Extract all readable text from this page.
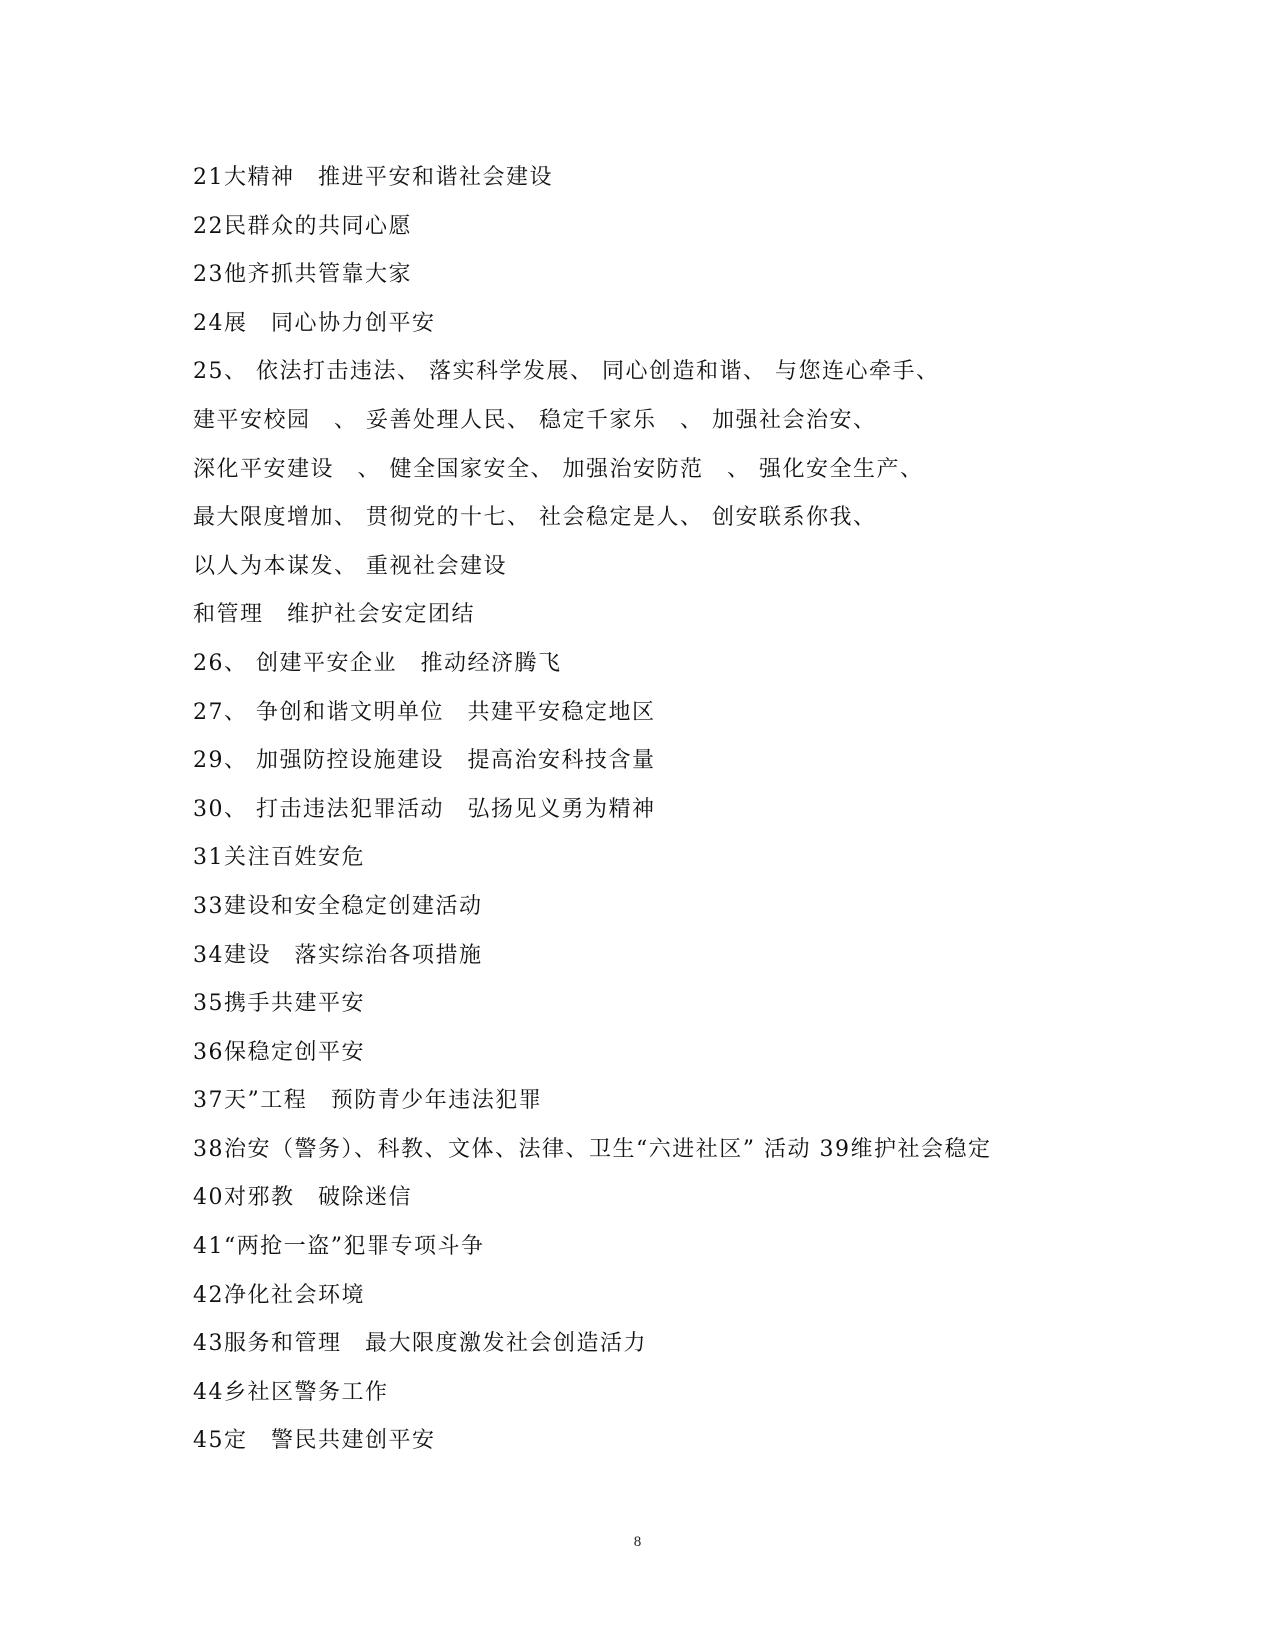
21大精神　推进平安和谐社会建设
22民群众的共同心愿
23他齐抓共管靠大家
24展　同心协力创平安
25、 依法打击违法、 落实科学发展、 同心创造和谐、 与您连心牵手、
建平安校园　、 妥善处理人民、 稳定千家乐　、 加强社会治安、
深化平安建设　、 健全国家安全、 加强治安防范　、 强化安全生产、
最大限度增加、 贯彻党的十七、 社会稳定是人、 创安联系你我、
以人为本谋发、 重视社会建设
和管理　维护社会安定团结
26、 创建平安企业　推动经济腾飞
27、 争创和谐文明单位　共建平安稳定地区
29、 加强防控设施建设　提高治安科技含量
30、 打击违法犯罪活动　弘扬见义勇为精神
31关注百姓安危
33建设和安全稳定创建活动
34建设　落实综治各项措施
35携手共建平安
36保稳定创平安
37天”工程　预防青少年违法犯罪
38治安（警务）、科教、文体、法律、卫生“六进社区” 活动 39维护社会稳定
40对邪教　破除迷信
41“两抢一盗”犯罪专项斗争
42净化社会环境
43服务和管理　最大限度激发社会创造活力
44乡社区警务工作
45定　警民共建创平安
8
